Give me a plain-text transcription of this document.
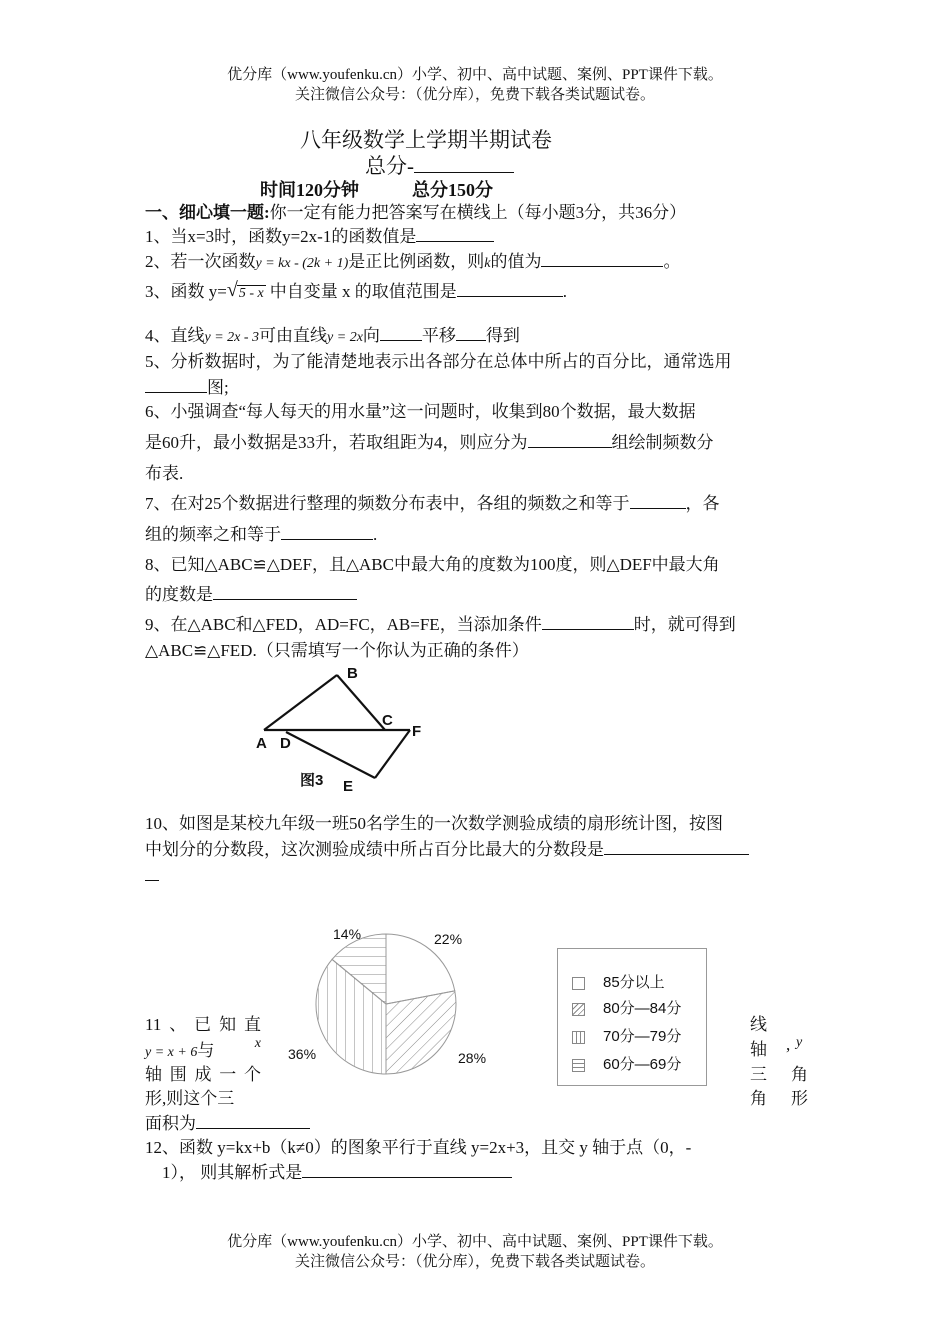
优分库（www.youfenku.cn）小学、初中、高中试题、案例、PPT课件下载。
关注微信公众号：（优分库），免费下载各类试题试卷。
八年级数学上学期半期试卷
总分-
时间120分钟	总分150分
一、细心填一题:你一定有能力把答案写在横线上（每小题3分，共36分）
1、当x=3时，函数y=2x-1的函数值是
2、若一次函数y = kx - (2k + 1)是正比例函数，则k的值为	。
3、函数 y= √ 5 - x 中自变量 x 的取值范围是	.
4、直线y = 2x - 3可由直线y = 2x向 平移 得到
5、分析数据时，为了能清楚地表示出各部分在总体中所占的百分比，通常选用
图;
6、小强调查“每人每天的用水量”这一问题时，收集到80个数据，最大数据
是60升，最小数据是33升，若取组距为4，则应分为	组绘制频数分
布表.
7、在对25个数据进行整理的频数分布表中，各组的频数之和等于	，各
组的频率之和等于	.
8、已知△ABC≌△DEF，且△ABC中最大角的度数为100度，则△DEF中最大角
的度数是
9、在△ABC和△FED，AD=FC，AB=FE，当添加条件	时，就可得到
△ABC≌△FED.（只需填写一个你认为正确的条件）
B
C
F
A D
E
图3
10、如图是某校九年级一班50名学生的一次数学测验成绩的扇形统计图，按图
中划分的分数段，这次测验成绩中所占百分比最大的分数段是
14%	22%
28%
36%
85分以上
80分—84分
70分—79分
60分—69分
11、已知直
y = x + 6与	x
轴围成一个
形,则这个三
面积为
线
轴 , y
三 角
角 形
12、函数 y=kx+b（k≠0）的图象平行于直线 y=2x+3，且交 y 轴于点（0，-
1）， 则其解析式是
优分库（www.youfenku.cn）小学、初中、高中试题、案例、PPT课件下载。
关注微信公众号：（优分库），免费下载各类试题试卷。
